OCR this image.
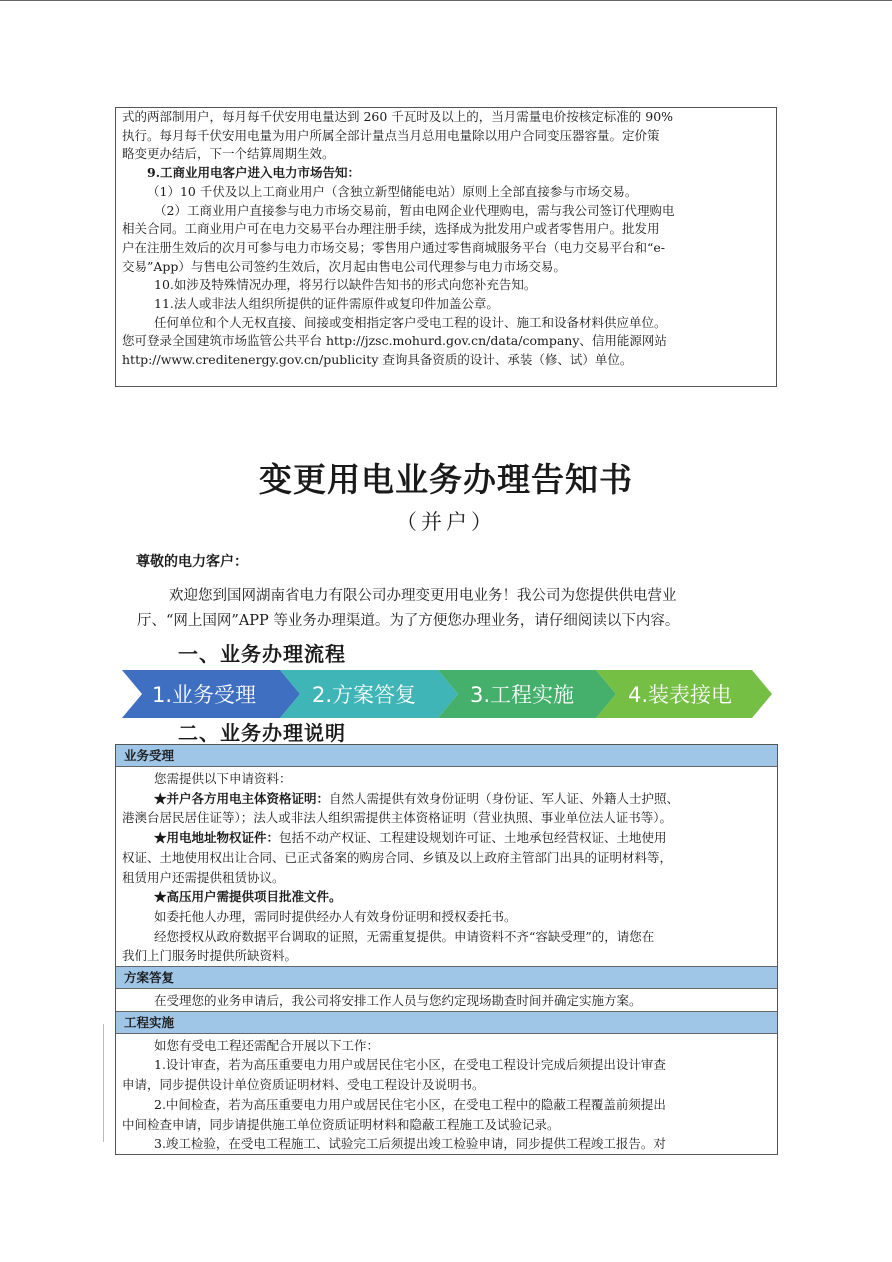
式的两部制用户，每月每千伏安用电量达到 260 千瓦时及以上的，当月需量电价按核定标准的 90%

执行。每月每千伏安用电量为用户所属全部计量点当月总用电量除以用户合同变压器容量。定价策

略变更办结后，下一个结算周期生效。

9.工商业用电客户进入电力市场告知：

（1）10 千伏及以上工商业用户（含独立新型储能电站）原则上全部直接参与市场交易。

（2）工商业用户直接参与电力市场交易前，暂由电网企业代理购电，需与我公司签订代理购电

相关合同。工商业用户可在电力交易平台办理注册手续，选择成为批发用户或者零售用户。批发用

户在注册生效后的次月可参与电力市场交易；零售用户通过零售商城服务平台（电力交易平台和“e-

交易”App）与售电公司签约生效后，次月起由售电公司代理参与电力市场交易。

10.如涉及特殊情况办理，将另行以缺件告知书的形式向您补充告知。

11.法人或非法人组织所提供的证件需原件或复印件加盖公章。

任何单位和个人无权直接、间接或变相指定客户受电工程的设计、施工和设备材料供应单位。

您可登录全国建筑市场监管公共平台 http://jzsc.mohurd.gov.cn/data/company、信用能源网站

http://www.creditenergy.gov.cn/publicity 查询具备资质的设计、承装（修、试）单位。

变更用电业务办理告知书
（并户）
尊敬的电力客户：

欢迎您到国网湖南省电力有限公司办理变更用电业务！我公司为您提供供电营业

厅、“网上国网”APP 等业务办理渠道。为了方便您办理业务，请仔细阅读以下内容。

一、业务办理流程
1.业务受理	2.方案答复	3.工程实施	4.装表接电
二、业务办理说明
业务受理

您需提供以下申请资料：

★并户各方用电主体资格证明：自然人需提供有效身份证明（身份证、军人证、外籍人士护照、

港澳台居民居住证等）；法人或非法人组织需提供主体资格证明（营业执照、事业单位法人证书等）。

★用电地址物权证件：包括不动产权证、工程建设规划许可证、土地承包经营权证、土地使用

权证、土地使用权出让合同、已正式备案的购房合同、乡镇及以上政府主管部门出具的证明材料等，

租赁用户还需提供租赁协议。

★高压用户需提供项目批准文件。

如委托他人办理，需同时提供经办人有效身份证明和授权委托书。

经您授权从政府数据平台调取的证照，无需重复提供。申请资料不齐“容缺受理”的，请您在

我们上门服务时提供所缺资料。

方案答复

在受理您的业务申请后，我公司将安排工作人员与您约定现场勘查时间并确定实施方案。

工程实施

如您有受电工程还需配合开展以下工作：

1.设计审查，若为高压重要电力用户或居民住宅小区，在受电工程设计完成后须提出设计审查

申请，同步提供设计单位资质证明材料、受电工程设计及说明书。

2.中间检查，若为高压重要电力用户或居民住宅小区，在受电工程中的隐蔽工程覆盖前须提出

中间检查申请，同步请提供施工单位资质证明材料和隐蔽工程施工及试验记录。

3.竣工检验，在受电工程施工、试验完工后须提出竣工检验申请，同步提供工程竣工报告。对
